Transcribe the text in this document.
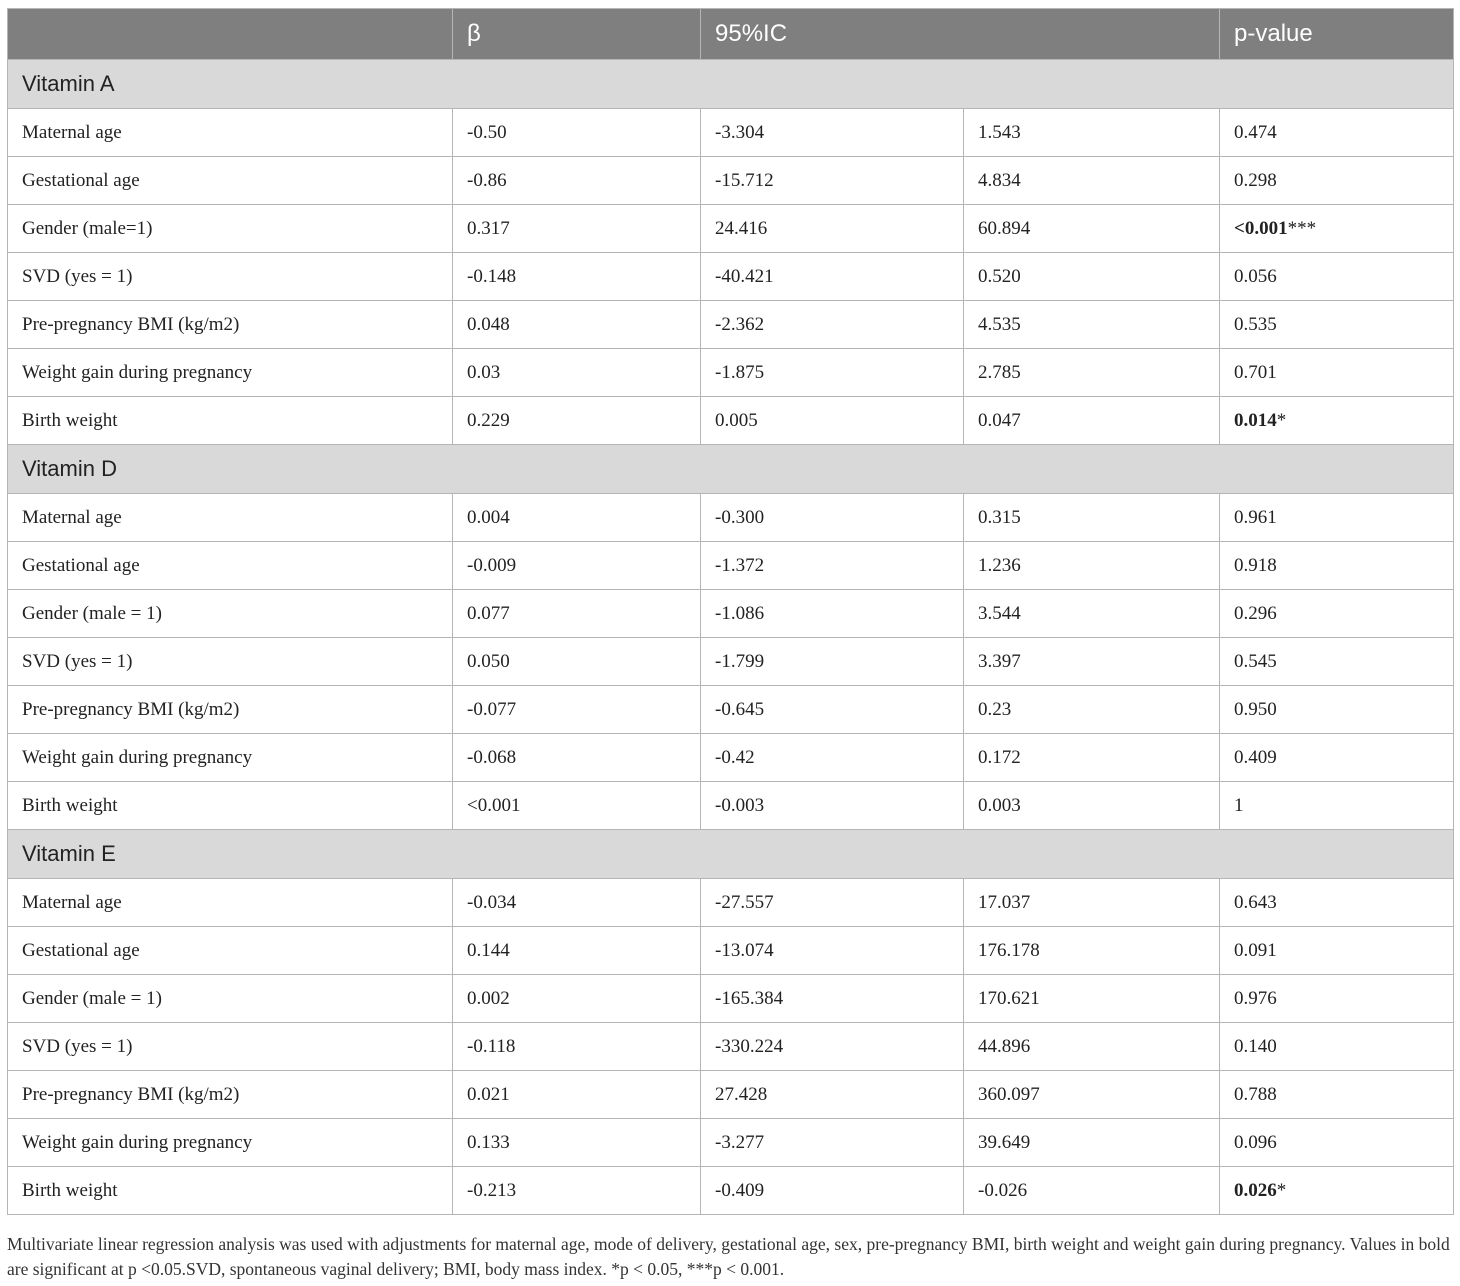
	β	95%IC		p-value
Vitamin A				
Maternal age	-0.50	-3.304	1.543	0.474
Gestational age	-0.86	-15.712	4.834	0.298
Gender (male=1)	0.317	24.416	60.894	<0.001***
SVD (yes = 1)	-0.148	-40.421	0.520	0.056
Pre-pregnancy BMI (kg/m2)	0.048	-2.362	4.535	0.535
Weight gain during pregnancy	0.03	-1.875	2.785	0.701
Birth weight	0.229	0.005	0.047	0.014*
Vitamin D				
Maternal age	0.004	-0.300	0.315	0.961
Gestational age	-0.009	-1.372	1.236	0.918
Gender (male = 1)	0.077	-1.086	3.544	0.296
SVD (yes = 1)	0.050	-1.799	3.397	0.545
Pre-pregnancy BMI (kg/m2)	-0.077	-0.645	0.23	0.950
Weight gain during pregnancy	-0.068	-0.42	0.172	0.409
Birth weight	<0.001	-0.003	0.003	1
Vitamin E				
Maternal age	-0.034	-27.557	17.037	0.643
Gestational age	0.144	-13.074	176.178	0.091
Gender (male = 1)	0.002	-165.384	170.621	0.976
SVD (yes = 1)	-0.118	-330.224	44.896	0.140
Pre-pregnancy BMI (kg/m2)	0.021	27.428	360.097	0.788
Weight gain during pregnancy	0.133	-3.277	39.649	0.096
Birth weight	-0.213	-0.409	-0.026	0.026*
Multivariate linear regression analysis was used with adjustments for maternal age, mode of delivery, gestational age, sex, pre-pregnancy BMI, birth weight and weight gain during pregnancy. Values in bold are significant at p <0.05.SVD, spontaneous vaginal delivery; BMI, body mass index. *p < 0.05, ***p < 0.001.
